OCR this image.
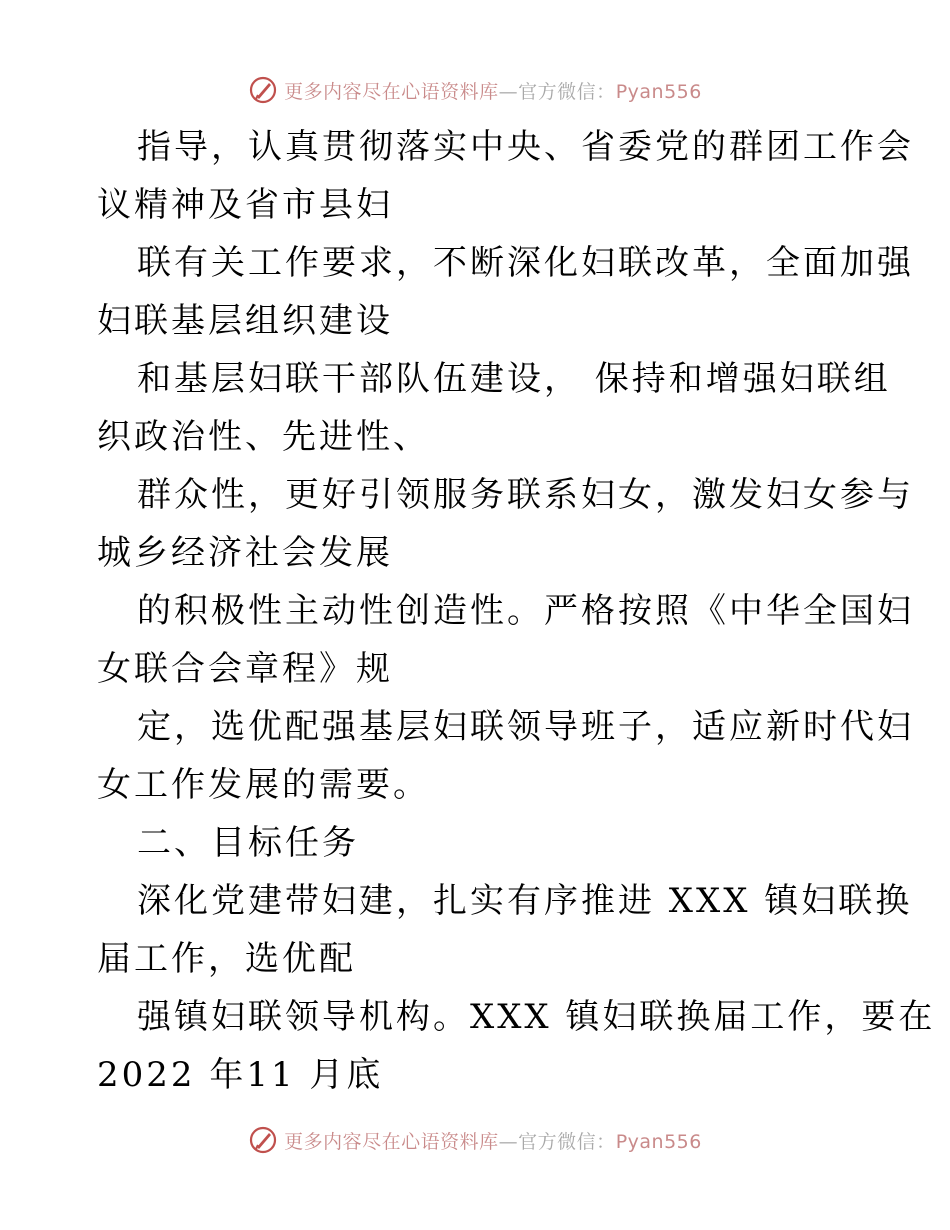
更多内容尽在心语资料库—官方微信：Pyan556
指导，认真贯彻落实中央、省委党的群团工作会
议精神及省市县妇
联有关工作要求，不断深化妇联改革，全面加强
妇联基层组织建设
和基层妇联干部队伍建设， 保持和增强妇联组
织政治性、先进性、
群众性，更好引领服务联系妇女，激发妇女参与
城乡经济社会发展
的积极性主动性创造性。严格按照《中华全国妇
女联合会章程》规
定，选优配强基层妇联领导班子，适应新时代妇
女工作发展的需要。
二、目标任务
深化党建带妇建，扎实有序推进 XXX 镇妇联换
届工作，选优配
强镇妇联领导机构。XXX 镇妇联换届工作，要在
2022 年11 月底
更多内容尽在心语资料库—官方微信：Pyan556
